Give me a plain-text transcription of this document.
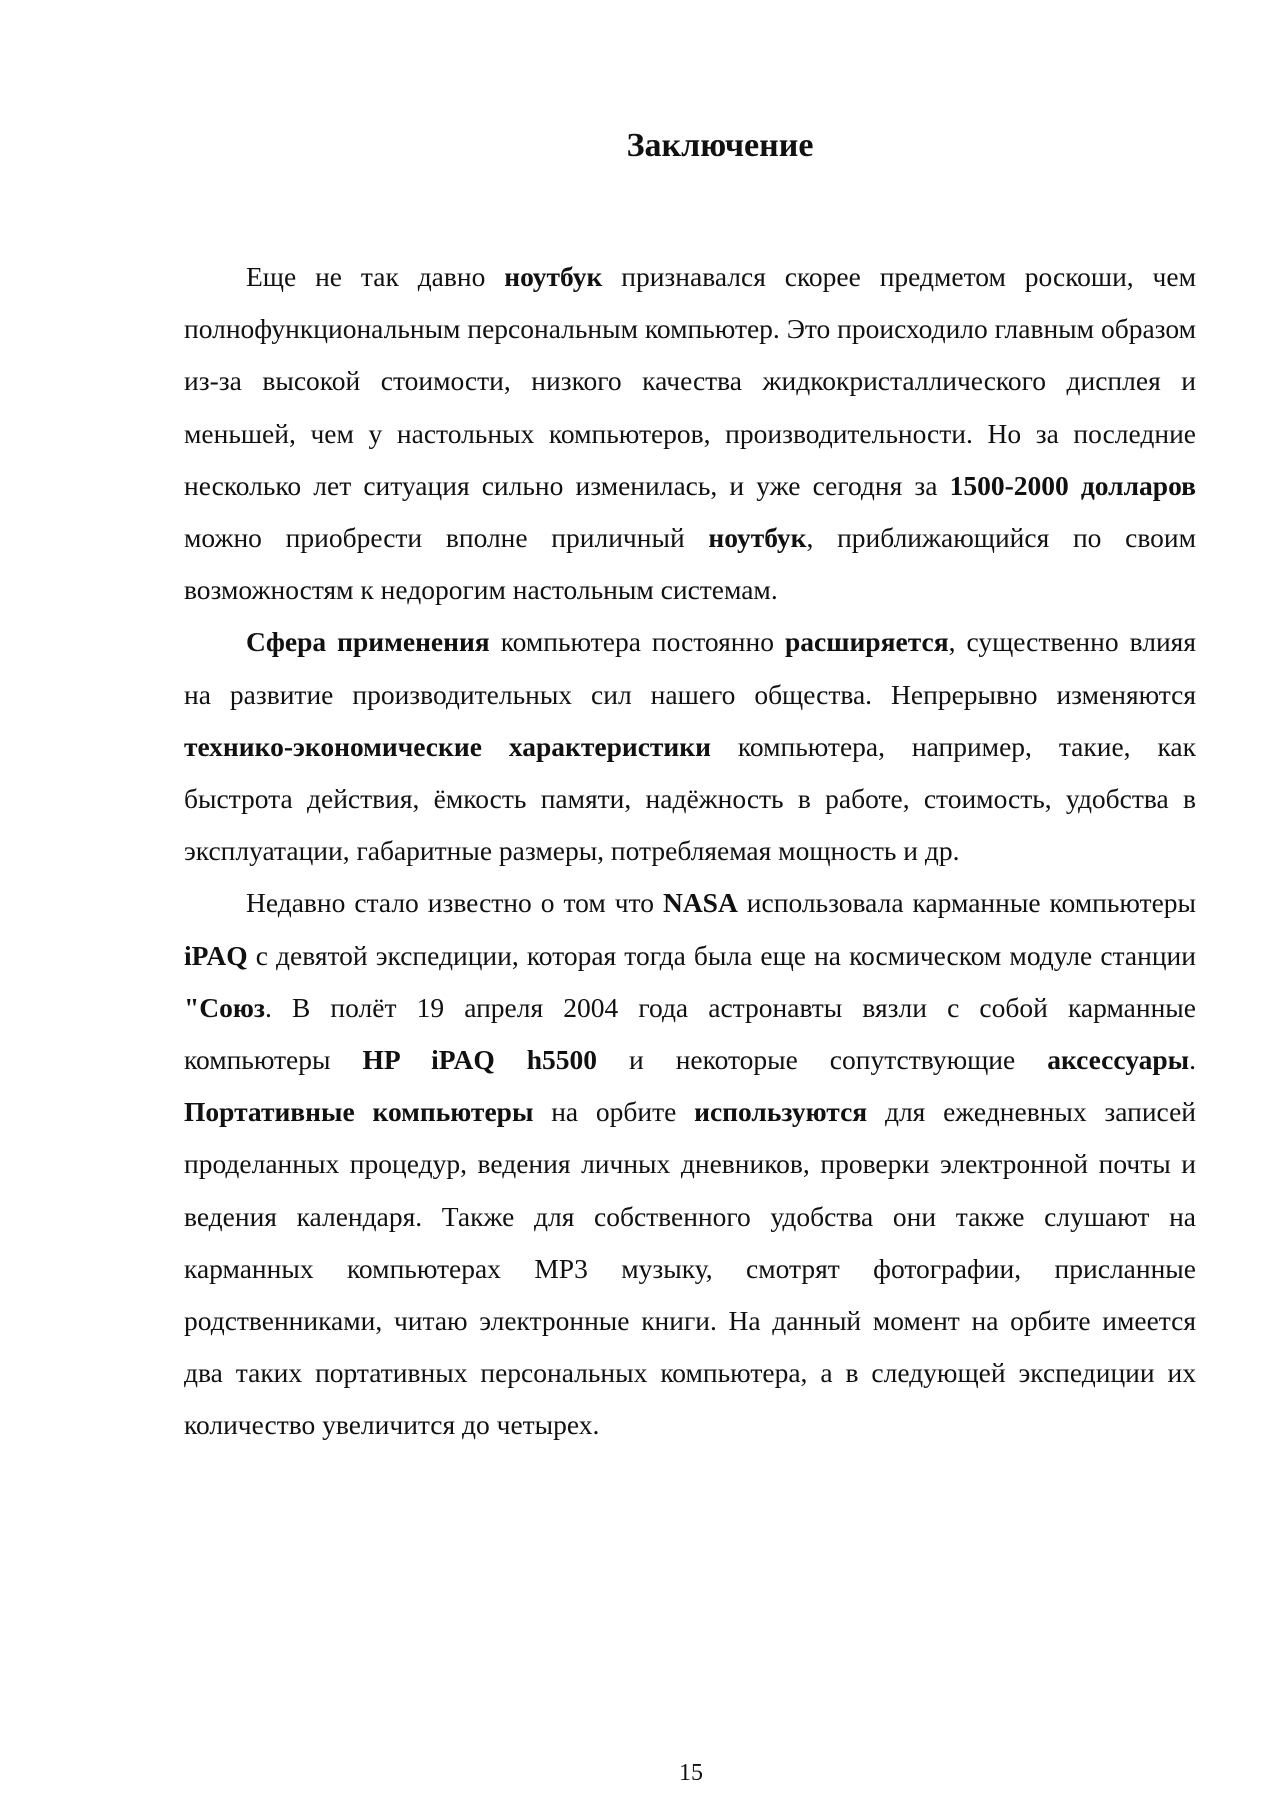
Заключение

Еще не так давно ноутбук признавался скорее предметом роскоши, чем полнофункциональным персональным компьютер. Это происходило главным образом из-за высокой стоимости, низкого качества жидкокристаллического дисплея и меньшей, чем у настольных компьютеров, производительности. Но за последние несколько лет ситуация сильно изменилась, и уже сегодня за 1500-2000 долларов можно приобрести вполне приличный ноутбук, приближающийся по своим возможностям к недорогим настольным системам.

Сфера применения компьютера постоянно расширяется, существенно влияя на развитие производительных сил нашего общества. Непрерывно изменяются технико-экономические характеристики компьютера, например, такие, как быстрота действия, ёмкость памяти, надёжность в работе, стоимость, удобства в эксплуатации, габаритные размеры, потребляемая мощность и др.

Недавно стало известно о том что NASA использовала карманные компьютеры iPAQ с девятой экспедиции, которая тогда была еще на космическом модуле станции "Союз. В полёт 19 апреля 2004 года астронавты вязли с собой карманные компьютеры HP iPAQ h5500 и некоторые сопутствующие аксессуары. Портативные компьютеры на орбите используются для ежедневных записей проделанных процедур, ведения личных дневников, проверки электронной почты и ведения календаря. Также для собственного удобства они также слушают на карманных компьютерах MP3 музыку, смотрят фотографии, присланные родственниками, читаю электронные книги. На данный момент на орбите имеется два таких портативных персональных компьютера, а в следующей экспедиции их количество увеличится до четырех.

15
